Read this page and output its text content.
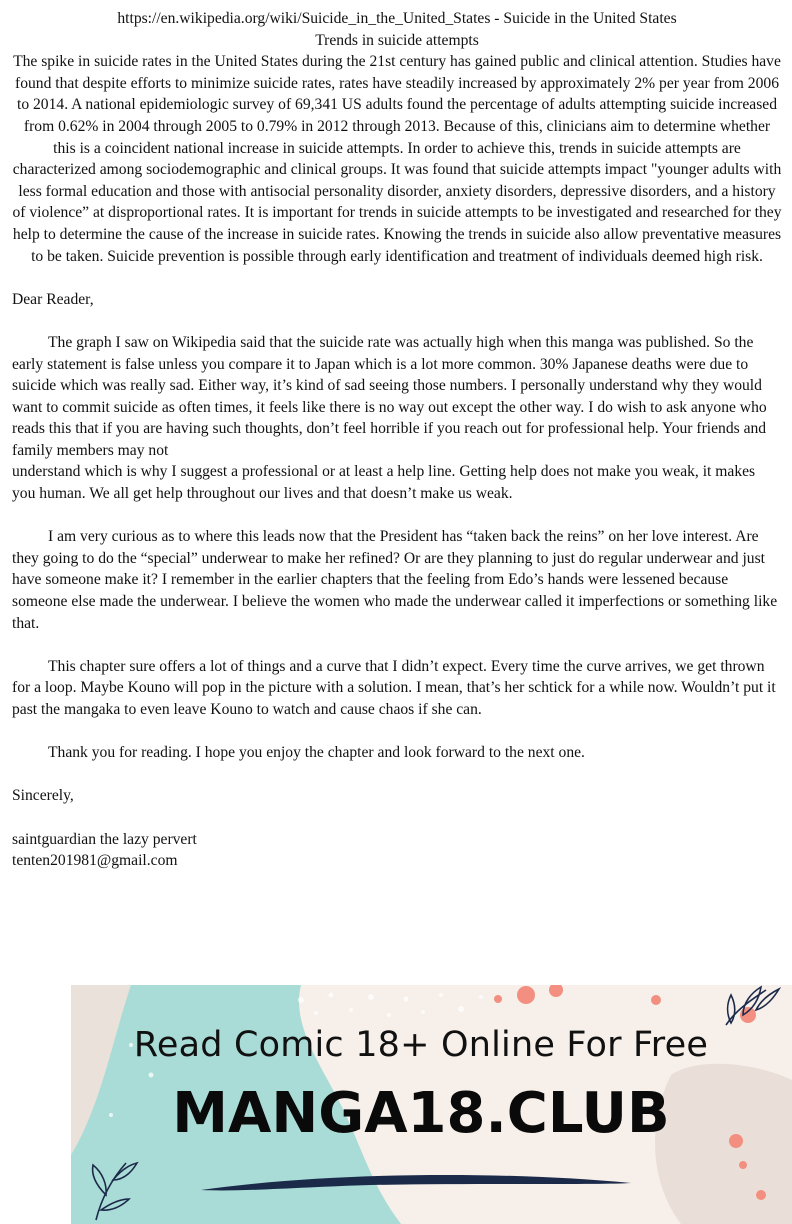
https://en.wikipedia.org/wiki/Suicide_in_the_United_States - Suicide in the United States

Trends in suicide attempts

The spike in suicide rates in the United States during the 21st century has gained public and clinical attention. Studies have found that despite efforts to minimize suicide rates, rates have steadily increased by approximately 2% per year from 2006 to 2014. A national epidemiologic survey of 69,341 US adults found the percentage of adults attempting suicide increased from 0.62% in 2004 through 2005 to 0.79% in 2012 through 2013. Because of this, clinicians aim to determine whether this is a coincident national increase in suicide attempts. In order to achieve this, trends in suicide attempts are characterized among sociodemographic and clinical groups. It was found that suicide attempts impact "younger adults with less formal education and those with antisocial personality disorder, anxiety disorders, depressive disorders, and a history of violence” at disproportional rates. It is important for trends in suicide attempts to be investigated and researched for they help to determine the cause of the increase in suicide rates. Knowing the trends in suicide also allow preventative measures to be taken. Suicide prevention is possible through early identification and treatment of individuals deemed high risk.

Dear Reader,

The graph I saw on Wikipedia said that the suicide rate was actually high when this manga was published. So the early statement is false unless you compare it to Japan which is a lot more common. 30% Japanese deaths were due to suicide which was really sad. Either way, it’s kind of sad seeing those numbers. I personally understand why they would want to commit suicide as often times, it feels like there is no way out except the other way. I do wish to ask anyone who reads this that if you are having such thoughts, don’t feel horrible if you reach out for professional help. Your friends and family members may not

understand which is why I suggest a professional or at least a help line. Getting help does not make you weak, it makes you human. We all get help throughout our lives and that doesn’t make us weak.

I am very curious as to where this leads now that the President has “taken back the reins” on her love interest. Are they going to do the “special” underwear to make her refined? Or are they planning to just do regular underwear and just have someone make it? I remember in the earlier chapters that the feeling from Edo’s hands were lessened because someone else made the underwear. I believe the women who made the underwear called it imperfections or something like that.

This chapter sure offers a lot of things and a curve that I didn’t expect. Every time the curve arrives, we get thrown for a loop. Maybe Kouno will pop in the picture with a solution. I mean, that’s her schtick for a while now. Wouldn’t put it past the mangaka to even leave Kouno to watch and cause chaos if she can.

Thank you for reading. I hope you enjoy the chapter and look forward to the next one.

Sincerely,

saintguardian the lazy pervert

tenten201981@gmail.com

Read Comic 18+ Online For Free
MANGA18.CLUB
